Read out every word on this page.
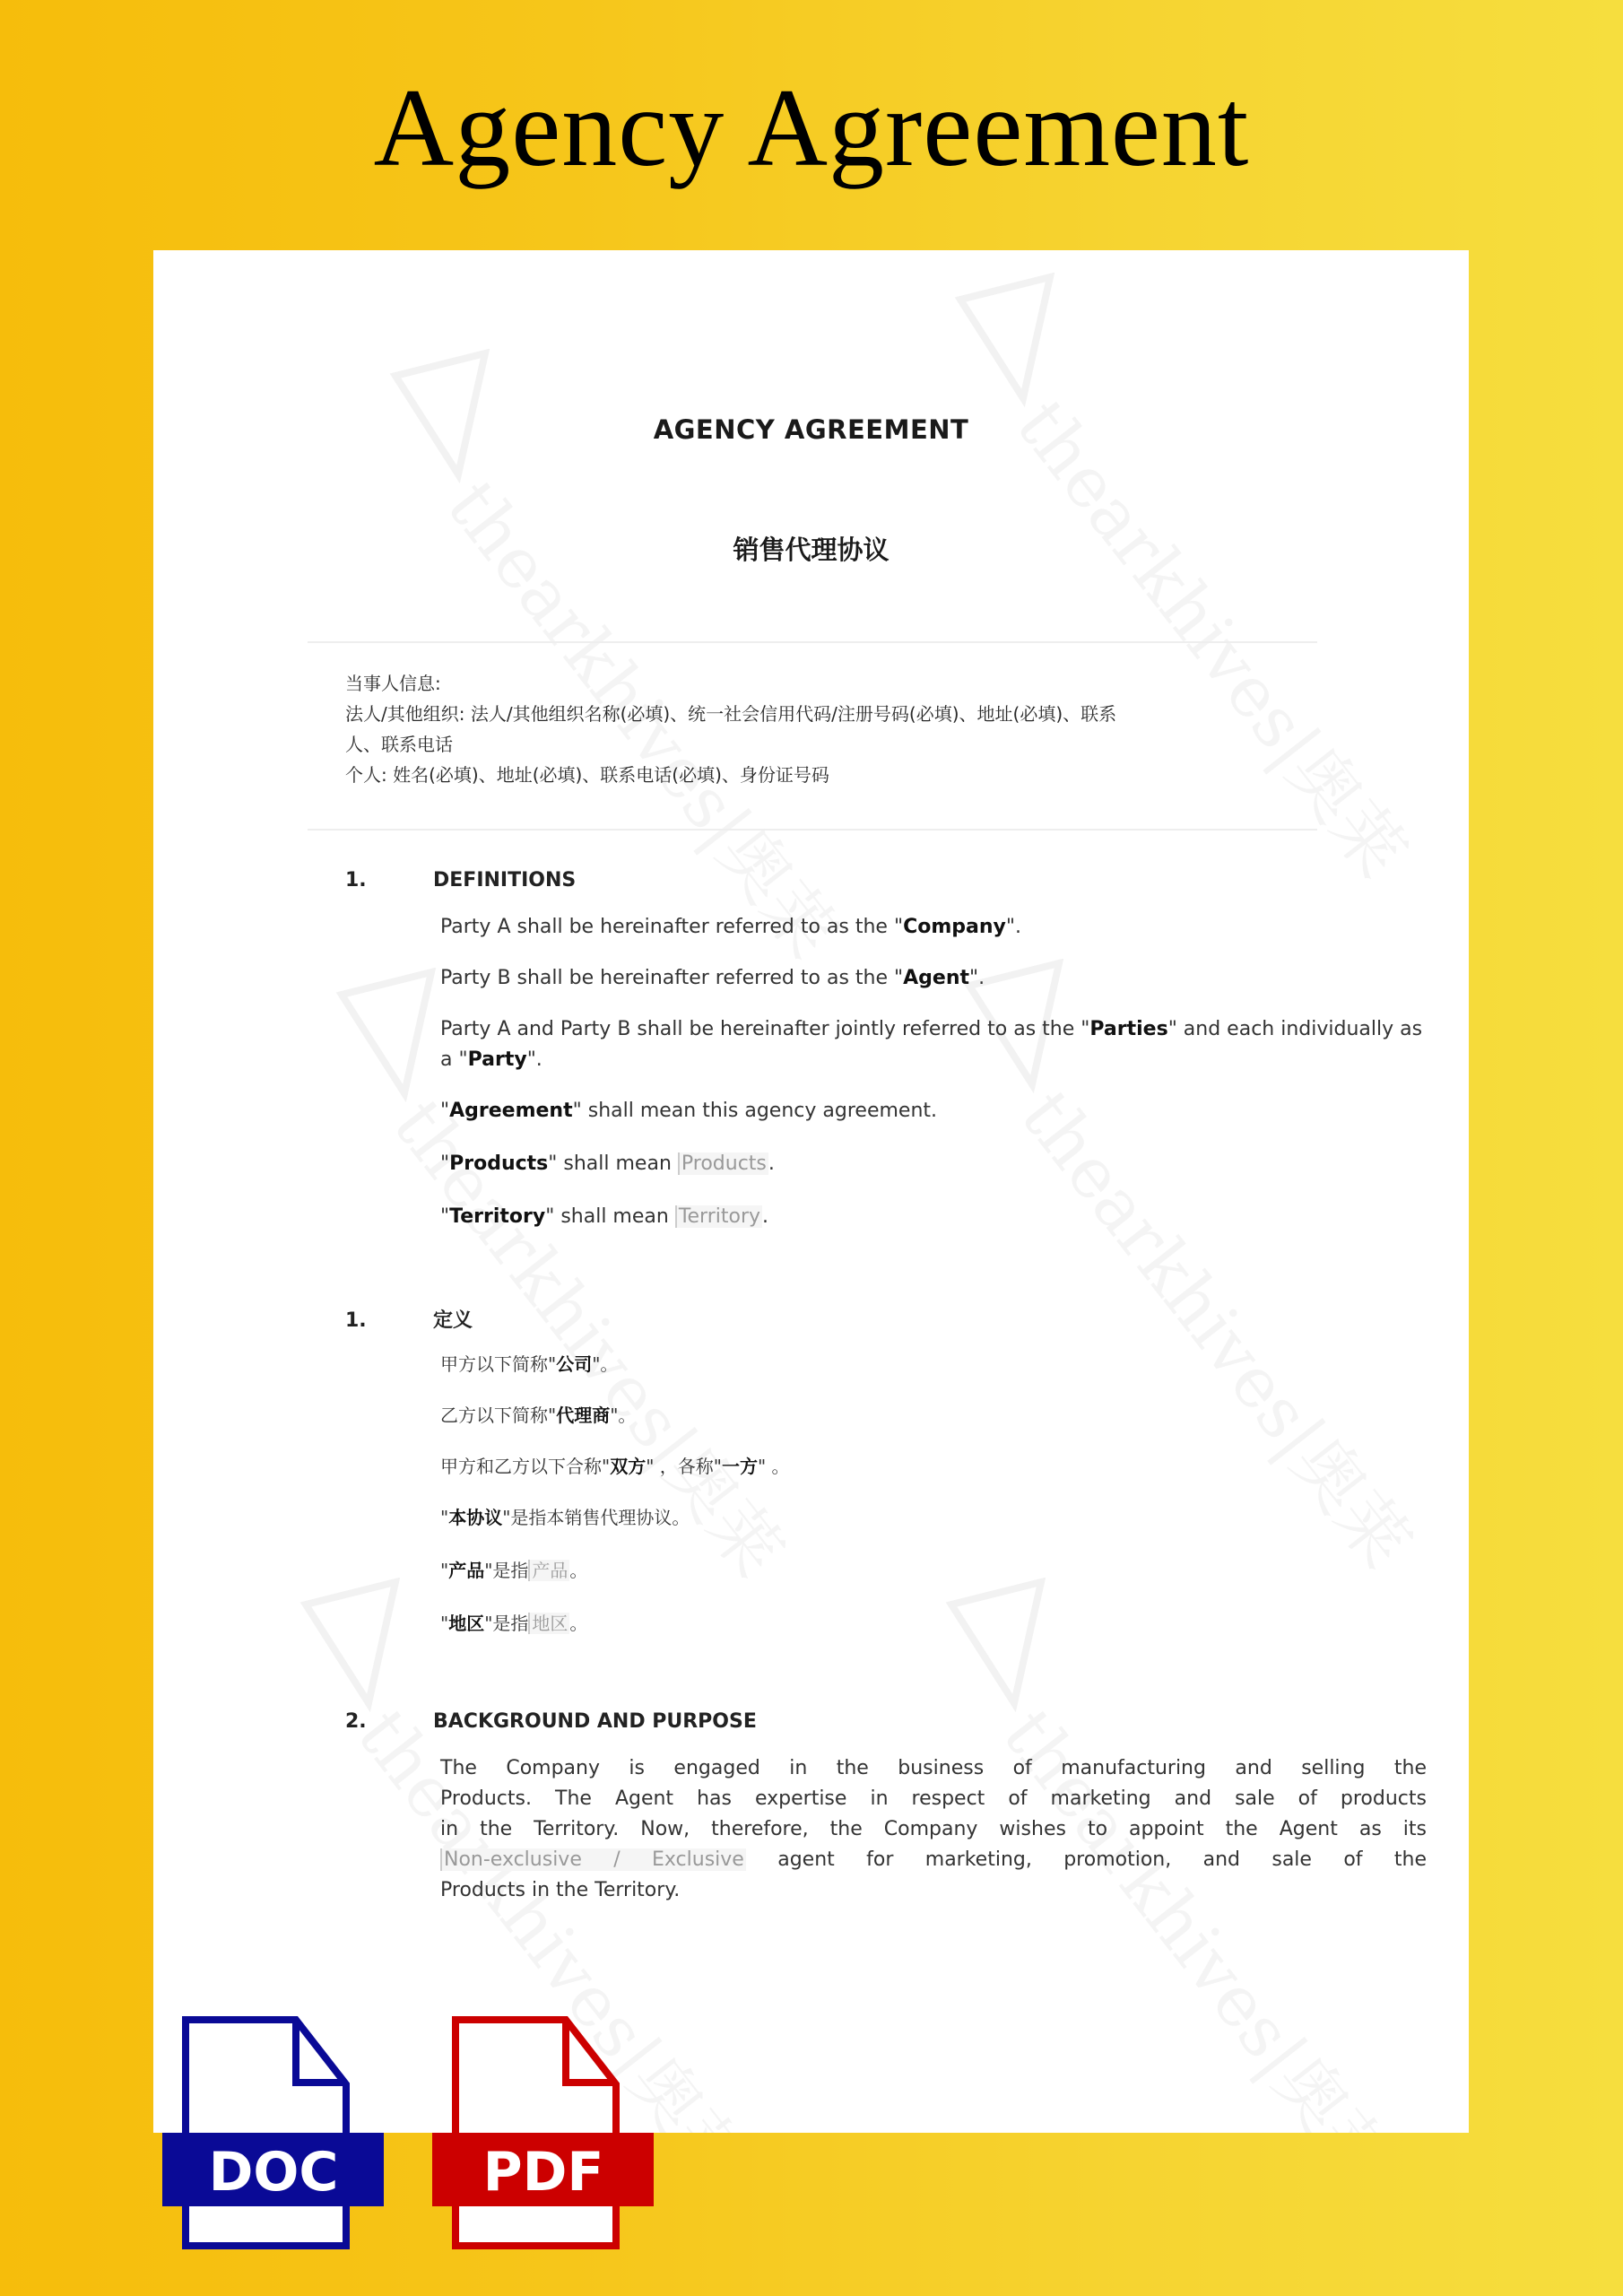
Agency Agreement
AGENCY AGREEMENT
销售代理协议
当事人信息:
法人/其他组织: 法人/其他组织名称(必填)、统一社会信用代码/注册号码(必填)、地址(必填)、联系
人、联系电话
个人: 姓名(必填)、地址(必填)、联系电话(必填)、身份证号码
1.	DEFINITIONS
Party A shall be hereinafter referred to as the "Company".
Party B shall be hereinafter referred to as the "Agent".
Party A and Party B shall be hereinafter jointly referred to as the "Parties" and each individually as a "Party".
"Agreement" shall mean this agency agreement.
"Products" shall mean Products.
"Territory" shall mean Territory.
1.	定义
甲方以下简称"公司"。
乙方以下简称"代理商"。
甲方和乙方以下合称"双方" ，各称"一方" 。
"本协议"是指本销售代理协议。
"产品"是指 产品 。
"地区"是指 地区 。
2.	BACKGROUND AND PURPOSE
The Company is engaged in the business of manufacturing and selling the
Products. The Agent has expertise in respect of marketing and sale of products
in the Territory. Now, therefore, the Company wishes to appoint the Agent as its
Non-exclusive / Exclusive agent for marketing, promotion, and sale of the
Products in the Territory.
DOC	PDF
